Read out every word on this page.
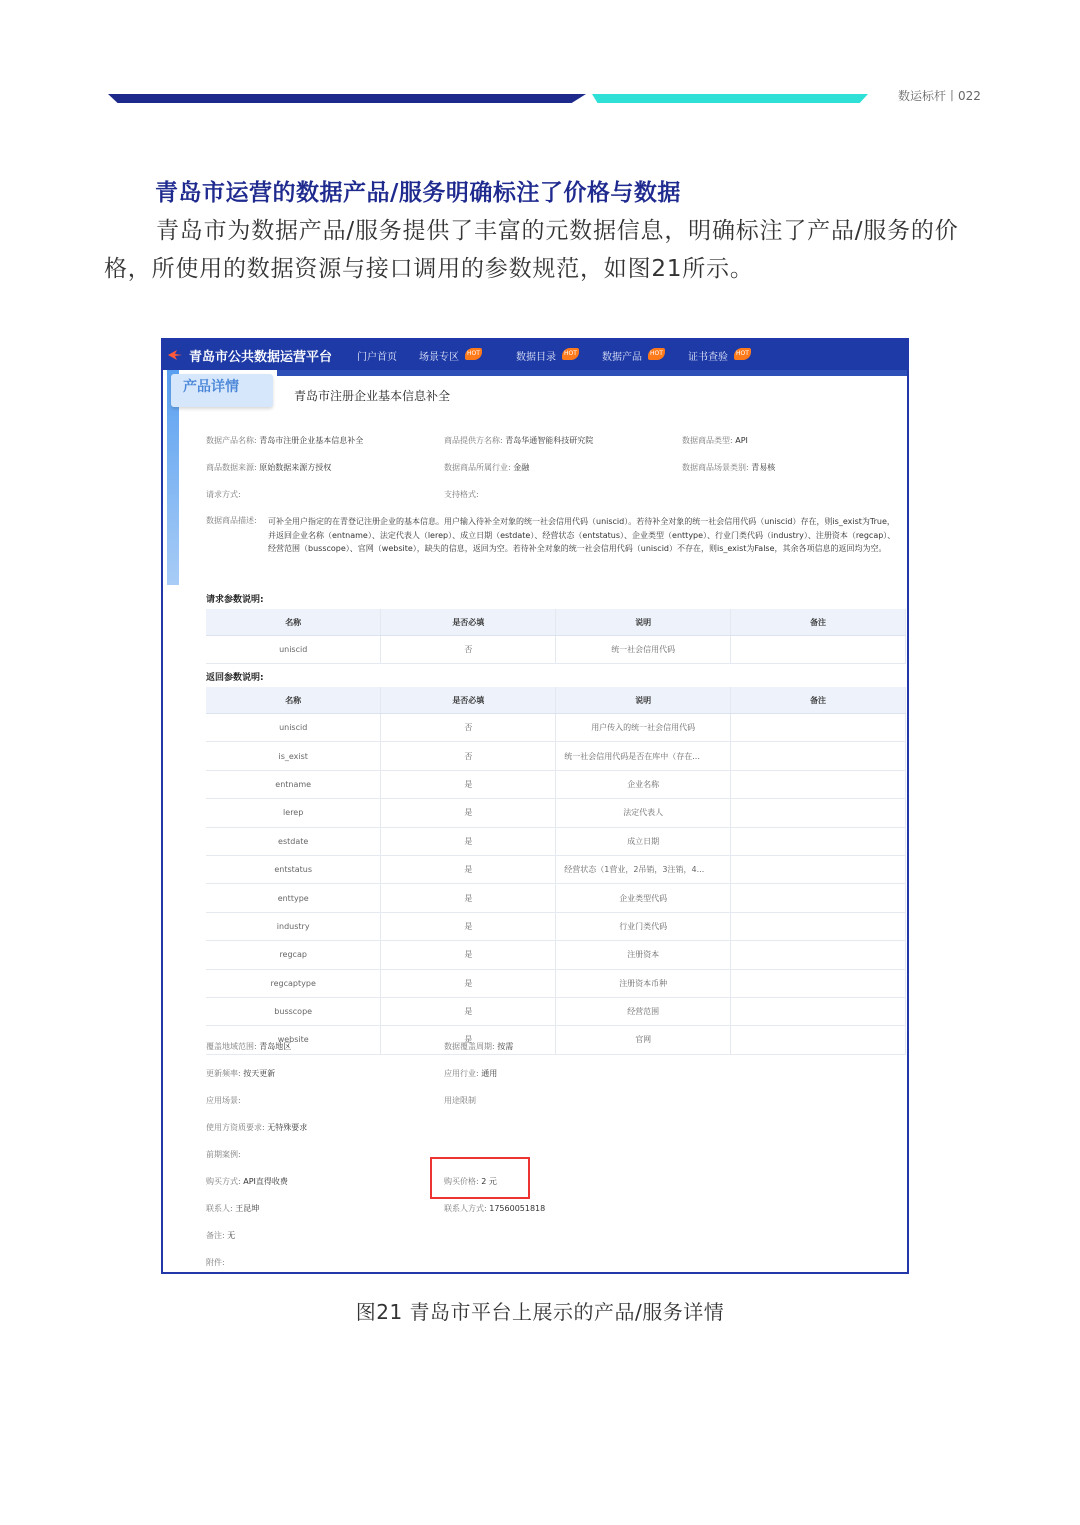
数运标杆丨022
青岛市运营的数据产品/服务明确标注了价格与数据
青岛市为数据产品/服务提供了丰富的元数据信息，明确标注了产品/服务的价格，所使用的数据资源与接口调用的参数规范，如图21所示。
青岛市公共数据运营平台 门户首页 场景专区	HOT	数据目录	HOT	数据产品	HOT	证书查验	HOT
产品详情
青岛市注册企业基本信息补全
数据产品名称: 青岛市注册企业基本信息补全	商品提供方名称: 青岛华通智能科技研究院	数据商品类型: API
商品数据来源: 原始数据来源方授权	数据商品所属行业: 金融	数据商品场景类别: 青易核
请求方式:	支持格式:
数据商品描述: 可补全用户指定的在青登记注册企业的基本信息。用户输入待补全对象的统一社会信用代码（uniscid）。若待补全对象的统一社会信用代码（uniscid）存在，则is_exist为True，并返回企业名称（entname）、法定代表人（lerep）、成立日期（estdate）、经营状态（entstatus）、企业类型（enttype）、行业门类代码（industry）、注册资本（regcap）、经营范围（busscope）、官网（website），缺失的信息，返回为空。若待补全对象的统一社会信用代码（uniscid）不存在，则is_exist为False，其余各项信息的返回均为空。
请求参数说明:
名称	是否必填	说明	备注
uniscid	否	统一社会信用代码	
返回参数说明:
名称	是否必填	说明	备注
uniscid	否	用户传入的统一社会信用代码	
is_exist	否	统一社会信用代码是否在库中（存在...	
entname	是	企业名称	
lerep	是	法定代表人	
estdate	是	成立日期	
entstatus	是	经营状态（1营业，2吊销，3注销，4...	
enttype	是	企业类型代码	
industry	是	行业门类代码	
regcap	是	注册资本	
regcaptype	是	注册资本币种	
busscope	是	经营范围	
website	是	官网	
覆盖地域范围: 青岛地区	数据覆盖周期: 按需
更新频率: 按天更新	应用行业: 通用
应用场景:	用途限制
使用方资质要求: 无特殊要求
前期案例:
购买方式: API直得收费	购买价格: 2 元
联系人: 王昆坤	联系人方式: 17560051818
备注: 无
附件:
图21 青岛市平台上展示的产品/服务详情
